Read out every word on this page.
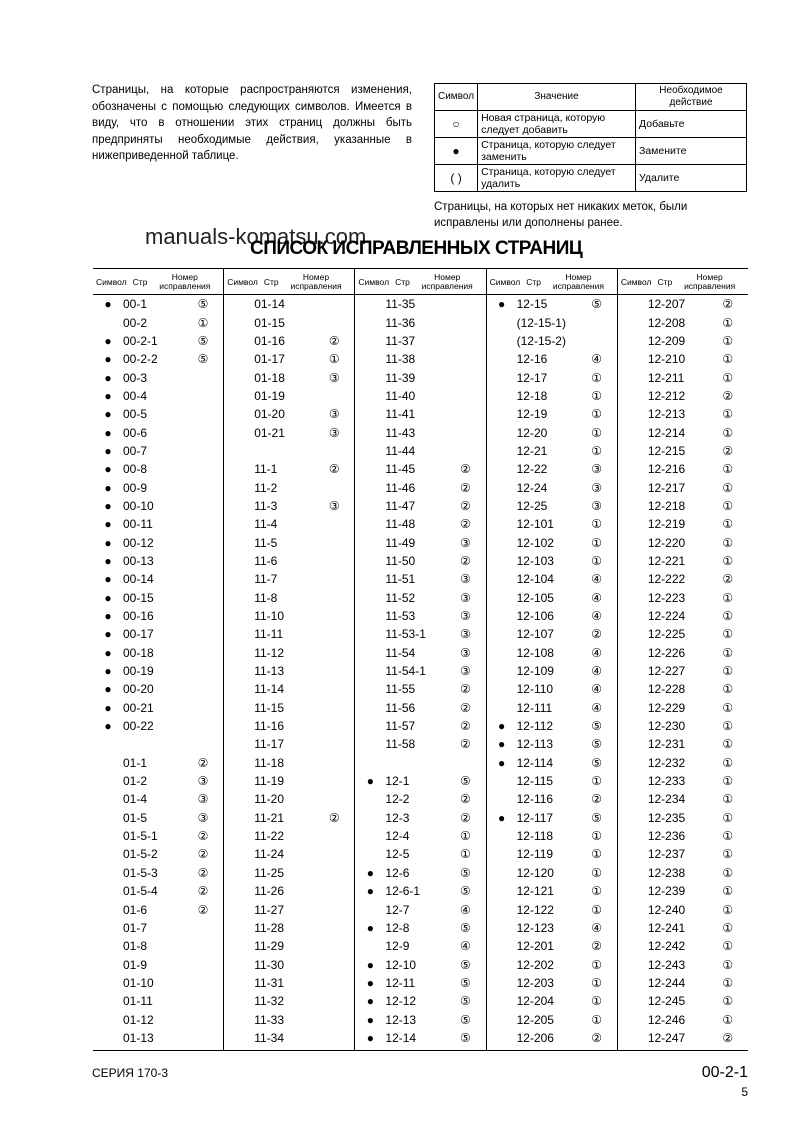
Страницы, на которые распространяются изменения, обозначены с помощью следующих символов. Имеется в виду, что в отношении этих страниц должны быть предприняты необходимые действия, указанные в нижеприведенной таблице.
Символ	Значение	Необходимое действие
○	Новая страница, которую следует добавить	Добавьте
●	Страница, которую следует заменить	Замените
( )	Страница, которую следует удалить	Удалите
Страницы, на которых нет никаких меток, были исправлены или дополнены ранее.
manuals-komatsu.com
СПИСОК ИСПРАВЛЕННЫХ СТРАНИЦ
Символ Стр	Номер исправления
● 00-1	⑤
00-2	①
● 00-2-1	⑤
● 00-2-2	⑤
● 00-3
● 00-4
● 00-5
● 00-6
● 00-7
● 00-8
● 00-9
● 00-10
● 00-11
● 00-12
● 00-13
● 00-14
● 00-15
● 00-16
● 00-17
● 00-18
● 00-19
● 00-20
● 00-21
● 00-22
01-1	②
01-2	③
01-4	③
01-5	③
01-5-1	②
01-5-2	②
01-5-3	②
01-5-4	②
01-6	②
01-7
01-8
01-9
01-10
01-11
01-12
01-13
Символ Стр	Номер исправления
01-14
01-15
01-16	②
01-17	①
01-18	③
01-19
01-20	③
01-21	③
11-1	②
11-2
11-3	③
11-4
11-5
11-6
11-7
11-8
11-10
11-11
11-12
11-13
11-14
11-15
11-16
11-17
11-18
11-19
11-20
11-21	②
11-22
11-24
11-25
11-26
11-27
11-28
11-29
11-30
11-31
11-32
11-33
11-34
Символ Стр	Номер исправления
11-35
11-36
11-37
11-38
11-39
11-40
11-41
11-43
11-44
11-45	②
11-46	②
11-47	②
11-48	②
11-49	③
11-50	②
11-51	③
11-52	③
11-53	③
11-53-1	③
11-54	③
11-54-1	③
11-55	②
11-56	②
11-57	②
11-58	②
● 12-1	⑤
12-2	②
12-3	②
12-4	①
12-5	①
● 12-6	⑤
● 12-6-1	⑤
12-7	④
● 12-8	⑤
12-9	④
● 12-10	⑤
● 12-11	⑤
● 12-12	⑤
● 12-13	⑤
● 12-14	⑤
Символ Стр	Номер исправления
● 12-15	⑤
(12-15-1)
(12-15-2)
12-16	④
12-17	①
12-18	①
12-19	①
12-20	①
12-21	①
12-22	③
12-24	③
12-25	③
12-101	①
12-102	①
12-103	①
12-104	④
12-105	④
12-106	④
12-107	②
12-108	④
12-109	④
12-110	④
12-111	④
● 12-112	⑤
● 12-113	⑤
● 12-114	⑤
12-115	①
12-116	②
● 12-117	⑤
12-118	①
12-119	①
12-120	①
12-121	①
12-122	①
12-123	④
12-201	②
12-202	①
12-203	①
12-204	①
12-205	①
12-206	②
Символ Стр	Номер исправления
12-207	②
12-208	①
12-209	①
12-210	①
12-211	①
12-212	②
12-213	①
12-214	①
12-215	②
12-216	①
12-217	①
12-218	①
12-219	①
12-220	①
12-221	①
12-222	②
12-223	①
12-224	①
12-225	①
12-226	①
12-227	①
12-228	①
12-229	①
12-230	①
12-231	①
12-232	①
12-233	①
12-234	①
12-235	①
12-236	①
12-237	①
12-238	①
12-239	①
12-240	①
12-241	①
12-242	①
12-243	①
12-244	①
12-245	①
12-246	①
12-247	②
СЕРИЯ 170-3	00-2-1
5
